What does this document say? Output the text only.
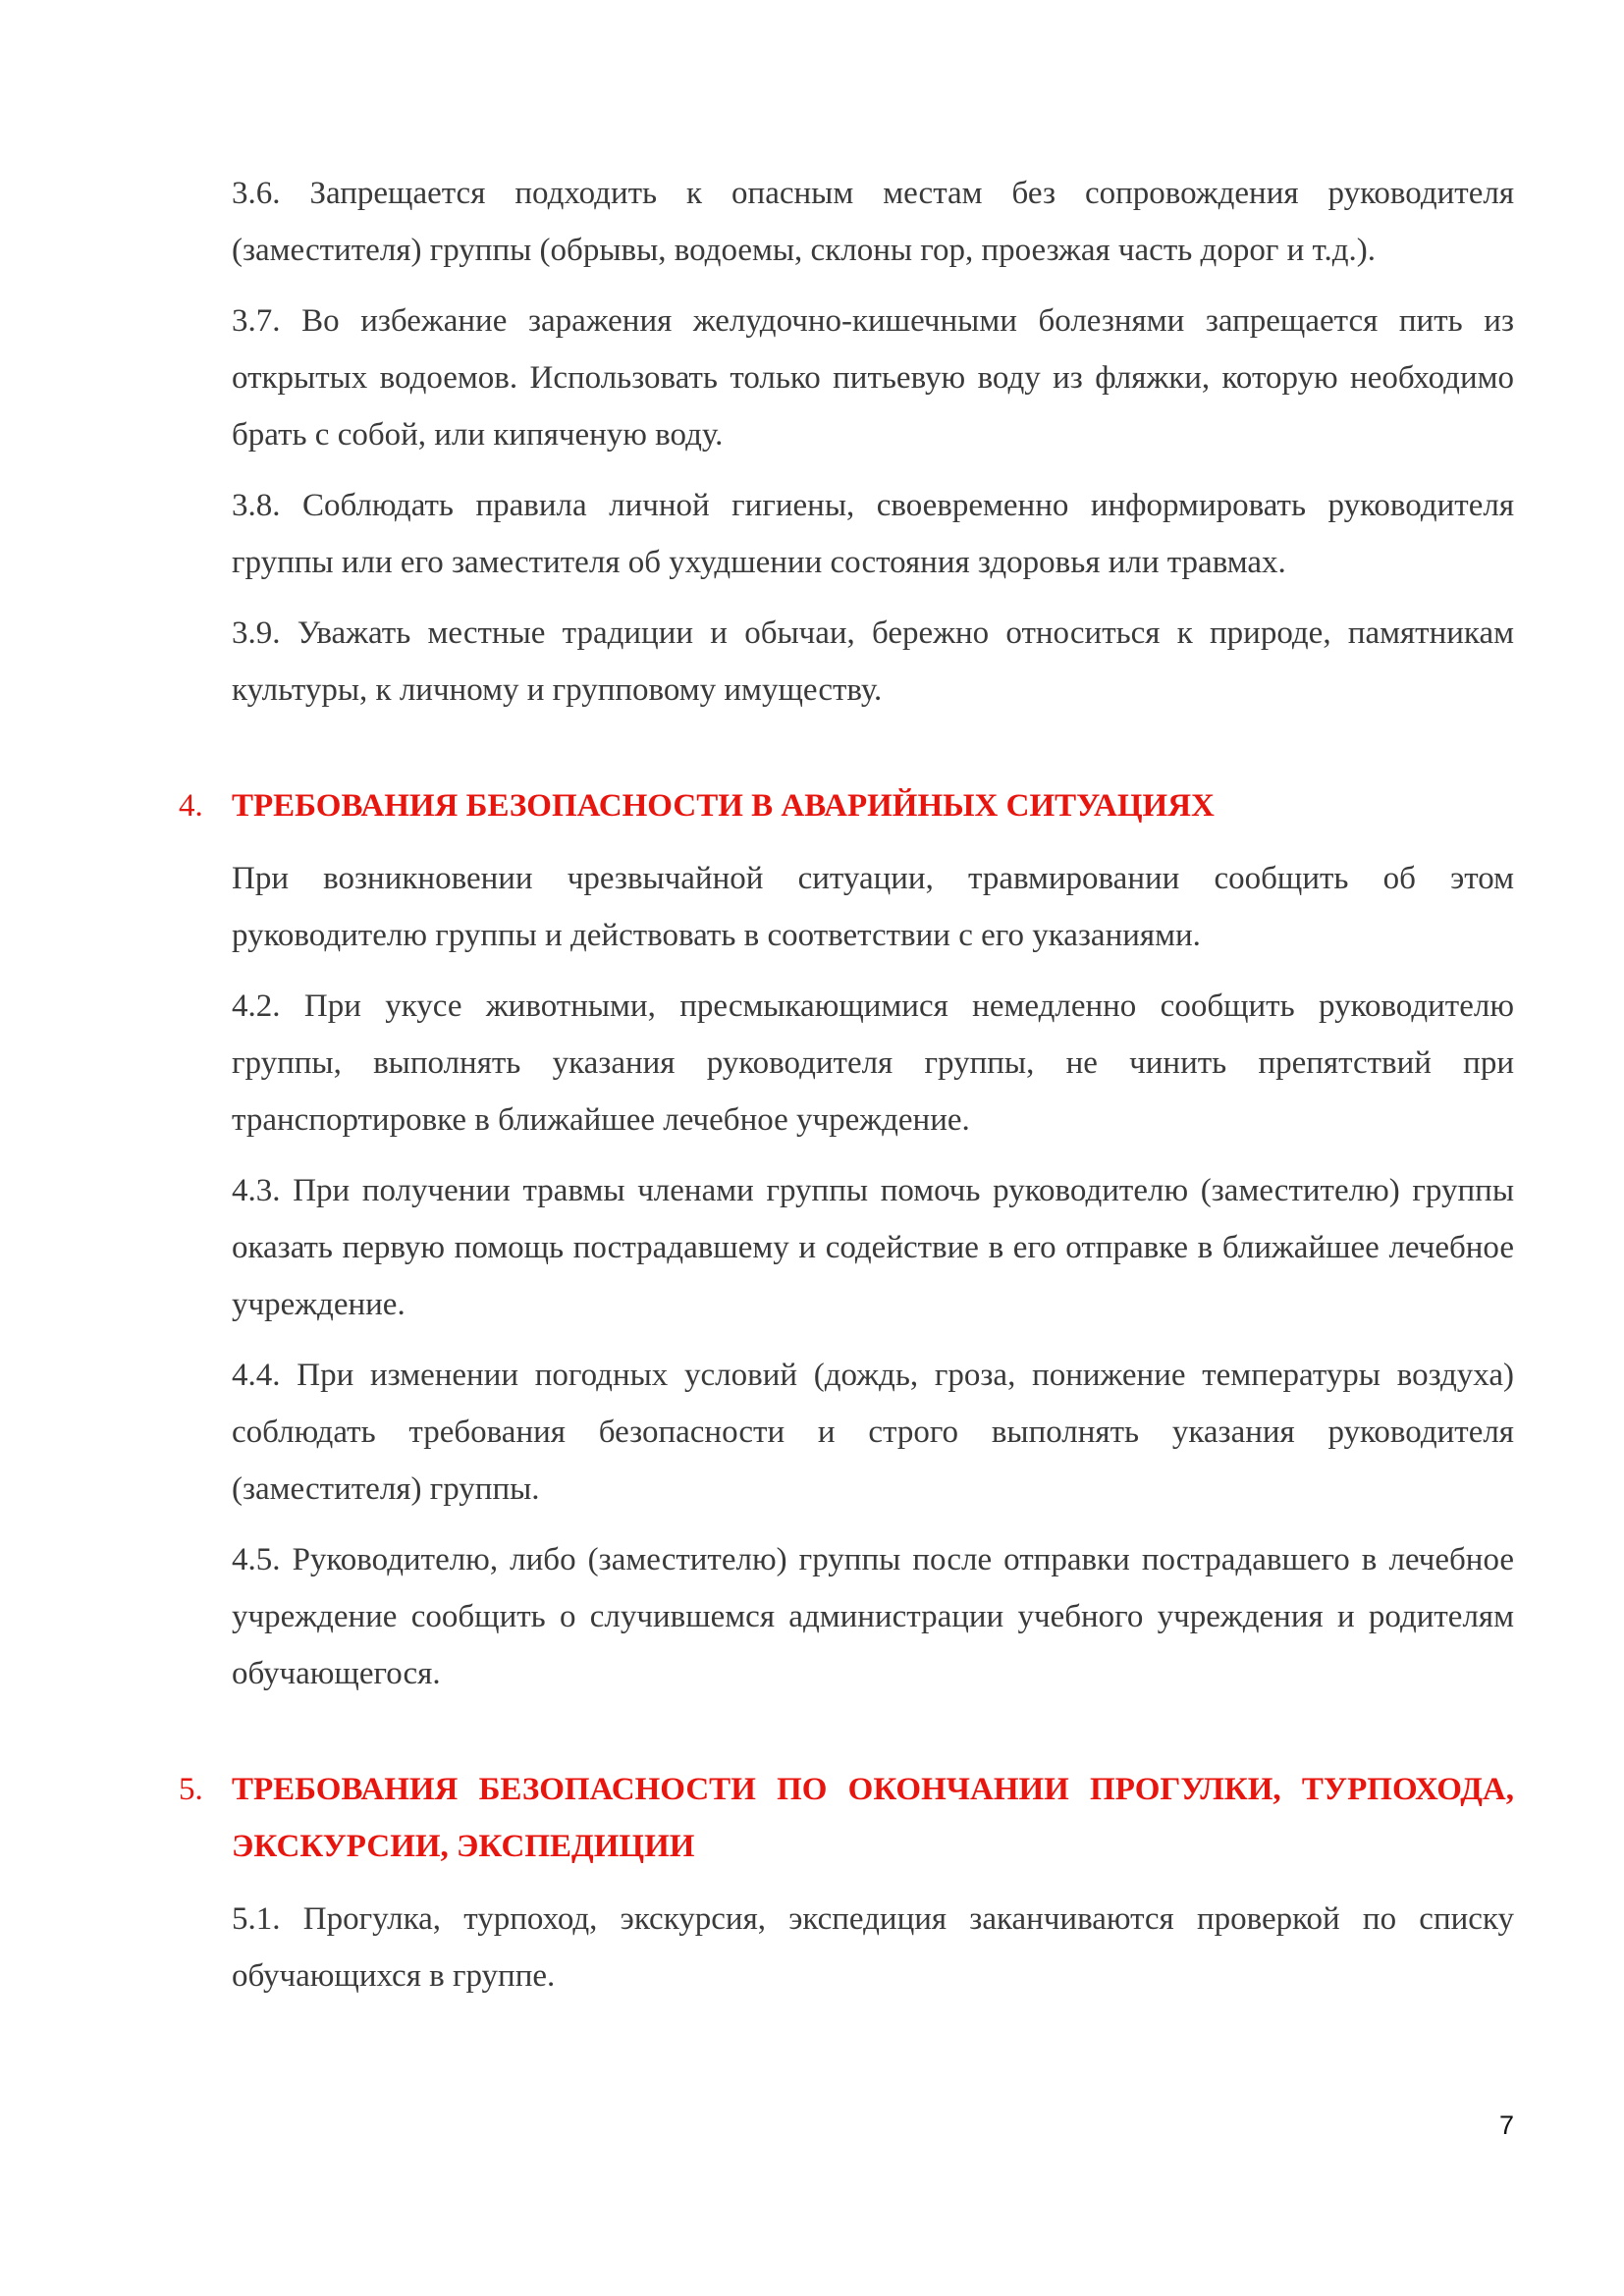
3.6. Запрещается подходить к опасным местам без сопровождения руководителя (заместителя) группы (обрывы, водоемы, склоны гор, проезжая часть дорог и т.д.).

3.7. Во избежание заражения желудочно-кишечными болезнями запрещается пить из открытых водоемов. Использовать только питьевую воду из фляжки, которую необходимо брать с собой, или кипяченую воду.

3.8. Соблюдать правила личной гигиены, своевременно информировать руководителя группы или его заместителя об ухудшении состояния здоровья или травмах.

3.9. Уважать местные традиции и обычаи, бережно относиться к природе, памятникам культуры, к личному и групповому имуществу.

4. ТРЕБОВАНИЯ БЕЗОПАСНОСТИ В АВАРИЙНЫХ СИТУАЦИЯХ

При возникновении чрезвычайной ситуации, травмировании сообщить об этом руководителю группы и действовать в соответствии с его указаниями.

4.2. При укусе животными, пресмыкающимися немедленно сообщить руководителю группы, выполнять указания руководителя группы, не чинить препятствий при транспортировке в ближайшее лечебное учреждение.

4.3. При получении травмы членами группы помочь руководителю (заместителю) группы оказать первую помощь пострадавшему и содействие в его отправке в ближайшее лечебное учреждение.

4.4. При изменении погодных условий (дождь, гроза, понижение температуры воздуха) соблюдать требования безопасности и строго выполнять указания руководителя (заместителя) группы.

4.5. Руководителю, либо (заместителю) группы после отправки пострадавшего в лечебное учреждение сообщить о случившемся администрации учебного учреждения и родителям обучающегося.

5. ТРЕБОВАНИЯ БЕЗОПАСНОСТИ ПО ОКОНЧАНИИ ПРОГУЛКИ, ТУРПОХОДА, ЭКСКУРСИИ, ЭКСПЕДИЦИИ

5.1. Прогулка, турпоход, экскурсия, экспедиция заканчиваются проверкой по списку обучающихся в группе.

7
